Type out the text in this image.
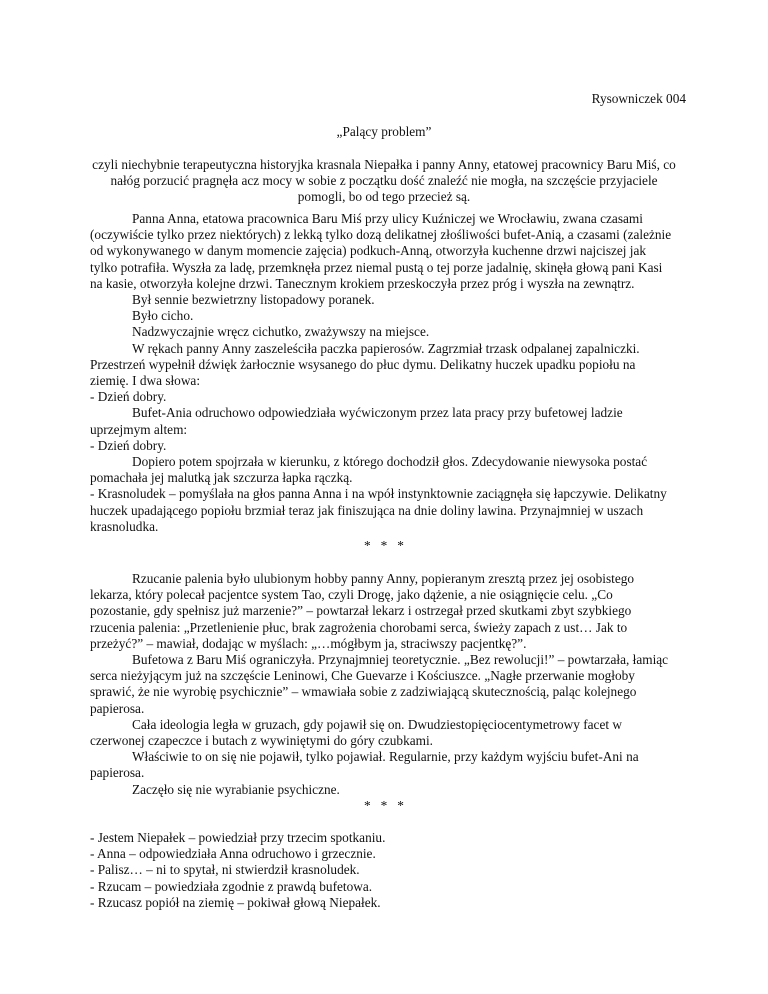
Rysowniczek 004
„Palący problem”
czyli niechybnie terapeutyczna historyjka krasnala Niepałka i panny Anny, etatowej pracownicy Baru Miś, co nałóg porzucić pragnęła acz mocy w sobie z początku dość znaleźć nie mogła, na szczęście przyjaciele pomogli, bo od tego przecież są.

Panna Anna, etatowa pracownica Baru Miś przy ulicy Kuźniczej we Wrocławiu, zwana czasami (oczywiście tylko przez niektórych) z lekką tylko dozą delikatnej złośliwości bufet-Anią, a czasami (zależnie od wykonywanego w danym momencie zajęcia) podkuch-Anną, otworzyła kuchenne drzwi najciszej jak tylko potrafiła. Wyszła za ladę, przemknęła przez niemal pustą o tej porze jadalnię, skinęła głową pani Kasi na kasie, otworzyła kolejne drzwi. Tanecznym krokiem przeskoczyła przez próg i wyszła na zewnątrz.

Był sennie bezwietrzny listopadowy poranek.

Było cicho.

Nadzwyczajnie wręcz cichutko, zważywszy na miejsce.

W rękach panny Anny zaszeleściła paczka papierosów. Zagrzmiał trzask odpalanej zapalniczki. Przestrzeń wypełnił dźwięk żarłocznie wsysanego do płuc dymu. Delikatny huczek upadku popiołu na ziemię. I dwa słowa:

- Dzień dobry.

Bufet-Ania odruchowo odpowiedziała wyćwiczonym przez lata pracy przy bufetowej ladzie uprzejmym altem:

- Dzień dobry.

Dopiero potem spojrzała w kierunku, z którego dochodził głos. Zdecydowanie niewysoka postać pomachała jej malutką jak szczurza łapka rączką.

- Krasnoludek – pomyślała na głos panna Anna i na wpół instynktownie zaciągnęła się łapczywie. Delikatny huczek upadającego popiołu brzmiał teraz jak finiszująca na dnie doliny lawina. Przynajmniej w uszach krasnoludka.

*   *   *

Rzucanie palenia było ulubionym hobby panny Anny, popieranym zresztą przez jej osobistego lekarza, który polecał pacjentce system Tao, czyli Drogę, jako dążenie, a nie osiągnięcie celu. „Co pozostanie, gdy spełnisz już marzenie?” – powtarzał lekarz i ostrzegał przed skutkami zbyt szybkiego rzucenia palenia: „Przetlenienie płuc, brak zagrożenia chorobami serca, świeży zapach z ust… Jak to przeżyć?” – mawiał, dodając w myślach: „…mógłbym ja, straciwszy pacjentkę?”.

Bufetowa z Baru Miś ograniczyła. Przynajmniej teoretycznie. „Bez rewolucji!” – powtarzała, łamiąc serca nieżyjącym już na szczęście Leninowi, Che Guevarze i Kościuszce. „Nagłe przerwanie mogłoby sprawić, że nie wyrobię psychicznie” – wmawiała sobie z zadziwiającą skutecznością, paląc kolejnego papierosa.

Cała ideologia legła w gruzach, gdy pojawił się on. Dwudziestopięciocentymetrowy facet w czerwonej czapeczce i butach z wywiniętymi do góry czubkami.

Właściwie to on się nie pojawił, tylko pojawiał. Regularnie, przy każdym wyjściu bufet-Ani na papierosa.

Zaczęło się nie wyrabianie psychiczne.

*   *   *

- Jestem Niepałek – powiedział przy trzecim spotkaniu.

- Anna – odpowiedziała Anna odruchowo i grzecznie.

- Palisz… – ni to spytał, ni stwierdził krasnoludek.

- Rzucam – powiedziała zgodnie z prawdą bufetowa.

- Rzucasz popiół na ziemię – pokiwał głową Niepałek.
